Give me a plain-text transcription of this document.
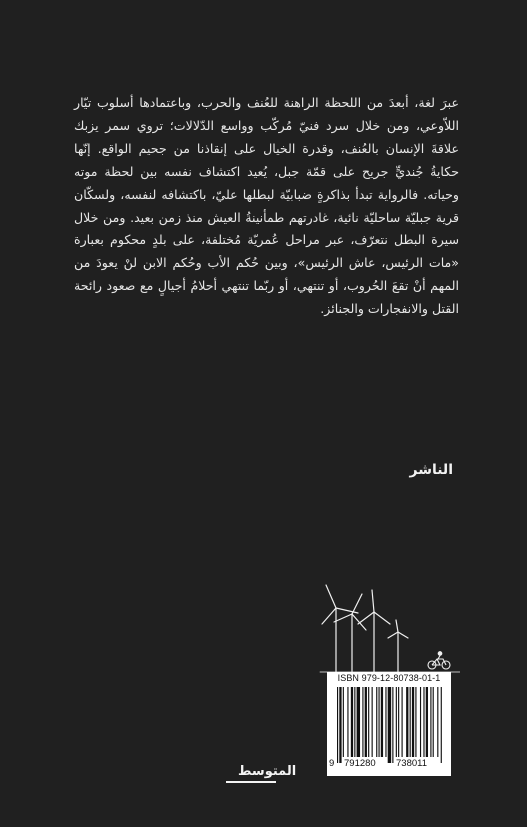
عبرَ لغة، أبعدَ من اللحظة الراهنة للعُنف والحرب، وباعتمادها أسلوب تيّار اللاّوعي، ومن خلال سرد فنيّ مُركّب وواسع الدّلالات؛ تروي سمر يزبك علاقةَ الإنسان بالعُنف، وقدرة الخيال على إنقاذنا من جحيم الواقع. إنّها حكايةُ جُنديٍّ جريح على قمّة جبل، يُعيد اكتشاف نفسه بين لحظة موته وحياته. فالرواية تبدأ بذاكرةٍ ضبابيّة لبطلها عليّ، باكتشافه لنفسه، ولسكّان قرية جبليّة ساحليّة نائية، غادرتهم طمأنينةُ العيش منذ زمن بعيد. ومن خلال سيرة البطل نتعرّف، عبر مراحل عُمريّة مُختلفة، على بلدٍ محكوم بعبارة «مات الرئيس، عاش الرئيس»، وبين حُكم الأب وحُكم الابن لنْ يعودَ من المهم أنْ تقعَ الحُروب، أو تنتهي، أو ربّما تنتهي أحلامُ أجيالٍ مع صعود رائحة القتل والانفجارات والجنائز.

الناشر
ISBN 979-12-80738-01-1
9 791280 738011
المتوسط
